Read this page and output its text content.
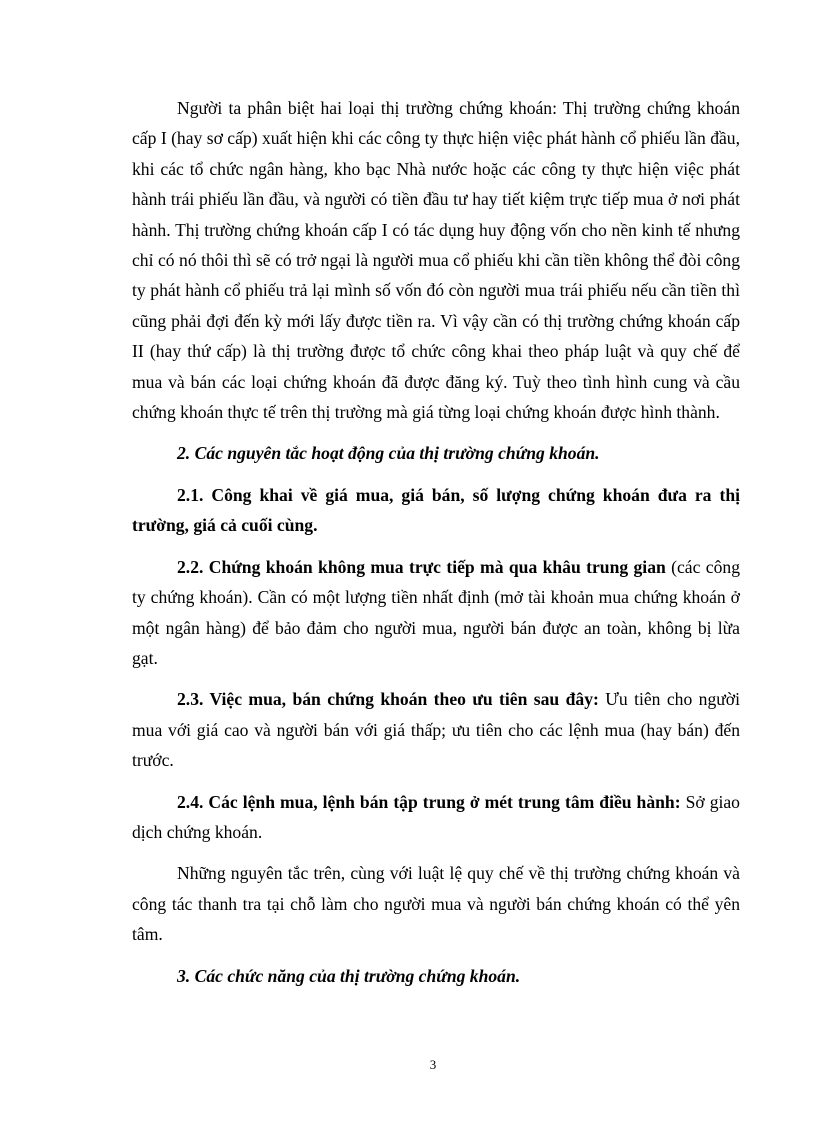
Người ta phân biệt hai loại thị trường chứng khoán: Thị trường chứng khoán cấp I (hay sơ cấp) xuất hiện khi các công ty thực hiện việc phát hành cổ phiếu lần đầu, khi các tổ chức ngân hàng, kho bạc Nhà nước hoặc các công ty thực hiện việc phát hành trái phiếu lần đầu, và người có tiền đầu tư hay tiết kiệm trực tiếp mua ở nơi phát hành. Thị trường chứng khoán cấp I có tác dụng huy động vốn cho nền kinh tế nhưng chỉ có nó thôi thì sẽ có trở ngại là người mua cổ phiếu khi cần tiền không thể đòi công ty phát hành cổ phiếu trả lại mình số vốn đó còn người mua trái phiếu nếu cần tiền thì cũng phải đợi đến kỳ mới lấy được tiền ra. Vì vậy cần có thị trường chứng khoán cấp II (hay thứ cấp) là thị trường được tổ chức công khai theo pháp luật và quy chế để mua và bán các loại chứng khoán đã được đăng ký. Tuỳ theo tình hình cung và cầu chứng khoán thực tế trên thị trường mà giá từng loại chứng khoán được hình thành.

2. Các nguyên tắc hoạt động của thị trường chứng khoán.

2.1. Công khai về giá mua, giá bán, số lượng chứng khoán đưa ra thị trường, giá cả cuối cùng.

2.2. Chứng khoán không mua trực tiếp mà qua khâu trung gian (các công ty chứng khoán). Cần có một lượng tiền nhất định (mở tài khoản mua chứng khoán ở một ngân hàng) để bảo đảm cho người mua, người bán được an toàn, không bị lừa gạt.

2.3. Việc mua, bán chứng khoán theo ưu tiên sau đây: Ưu tiên cho người mua với giá cao và người bán với giá thấp; ưu tiên cho các lệnh mua (hay bán) đến trước.

2.4. Các lệnh mua, lệnh bán tập trung ở mét trung tâm điều hành: Sở giao dịch chứng khoán.

Những nguyên tắc trên, cùng với luật lệ quy chế về thị trường chứng khoán và công tác thanh tra tại chỗ làm cho người mua và người bán chứng khoán có thể yên tâm.

3. Các chức năng của thị trường chứng khoán.

3
